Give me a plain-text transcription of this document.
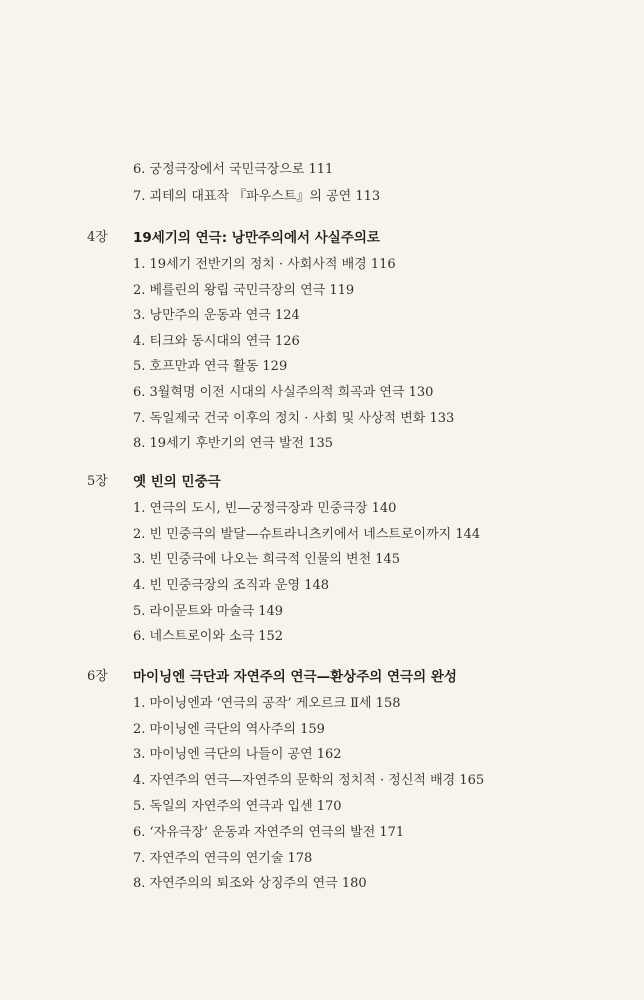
6. 궁정극장에서 국민극장으로 111
7. 괴테의 대표작 『파우스트』의 공연 113
4장 19세기의 연극: 낭만주의에서 사실주의로
1. 19세기 전반기의 정치 · 사회사적 배경 116
2. 베를린의 왕립 국민극장의 연극 119
3. 낭만주의 운동과 연극 124
4. 티크와 동시대의 연극 126
5. 호프만과 연극 활동 129
6. 3월혁명 이전 시대의 사실주의적 희곡과 연극 130
7. 독일제국 건국 이후의 정치 · 사회 및 사상적 변화 133
8. 19세기 후반기의 연극 발전 135
5장 옛 빈의 민중극
1. 연극의 도시, 빈—궁정극장과 민중극장 140
2. 빈 민중극의 발달—슈트라니츠키에서 네스트로이까지 144
3. 빈 민중극에 나오는 희극적 인물의 변천 145
4. 빈 민중극장의 조직과 운영 148
5. 라이문트와 마술극 149
6. 네스트로이와 소극 152
6장 마이닝엔 극단과 자연주의 연극—환상주의 연극의 완성
1. 마이닝엔과 ‘연극의 공작’ 게오르크 Ⅱ세 158
2. 마이닝엔 극단의 역사주의 159
3. 마이닝엔 극단의 나들이 공연 162
4. 자연주의 연극—자연주의 문학의 정치적 · 정신적 배경 165
5. 독일의 자연주의 연극과 입센 170
6. ‘자유극장’ 운동과 자연주의 연극의 발전 171
7. 자연주의 연극의 연기술 178
8. 자연주의의 퇴조와 상징주의 연극 180
